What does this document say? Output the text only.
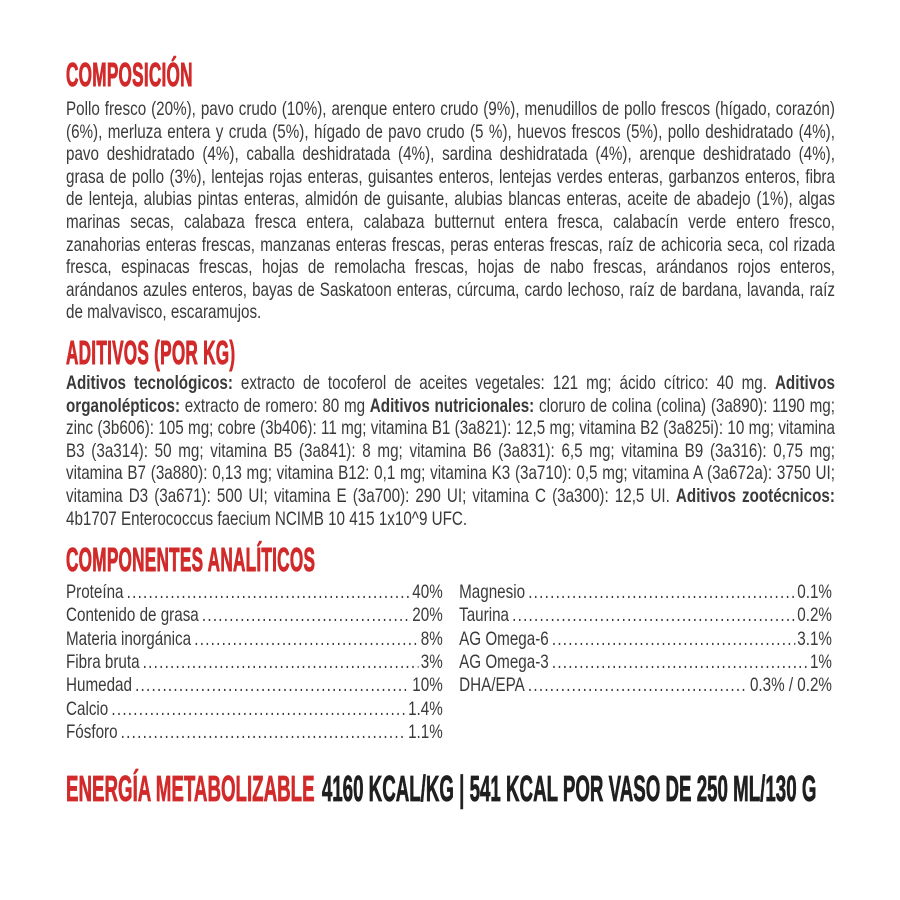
COMPOSICIÓN

Pollo fresco (20%), pavo crudo (10%), arenque entero crudo (9%), menudillos de pollo frescos (hígado, corazón) (6%), merluza entera y cruda (5%), hígado de pavo crudo (5 %), huevos frescos (5%), pollo deshidratado (4%), pavo deshidratado (4%), caballa deshidratada (4%), sardina deshidratada (4%), arenque deshidratado (4%), grasa de pollo (3%), lentejas rojas enteras, guisantes enteros, lentejas verdes enteras, garbanzos enteros, fibra de lenteja, alubias pintas enteras, almidón de guisante, alubias blancas enteras, aceite de abadejo (1%), algas marinas secas, calabaza fresca entera, calabaza butternut entera fresca, calabacín verde entero fresco, zanahorias enteras frescas, manzanas enteras frescas, peras enteras frescas, raíz de achicoria seca, col rizada fresca, espinacas frescas, hojas de remolacha frescas, hojas de nabo frescas, arándanos rojos enteros, arándanos azules enteros, bayas de Saskatoon enteras, cúrcuma, cardo lechoso, raíz de bardana, lavanda, raíz de malvavisco, escaramujos.

ADITIVOS (POR KG)

Aditivos tecnológicos: extracto de tocoferol de aceites vegetales: 121 mg; ácido cítrico: 40 mg. Aditivos organolépticos: extracto de romero: 80 mg Aditivos nutricionales: cloruro de colina (colina) (3a890): 1190 mg; zinc (3b606): 105 mg; cobre (3b406): 11 mg; vitamina B1 (3a821): 12,5 mg; vitamina B2 (3a825i): 10 mg; vitamina B3 (3a314): 50 mg; vitamina B5 (3a841): 8 mg; vitamina B6 (3a831): 6,5 mg; vitamina B9 (3a316): 0,75 mg; vitamina B7 (3a880): 0,13 mg; vitamina B12: 0,1 mg; vitamina K3 (3a710): 0,5 mg; vitamina A (3a672a): 3750 UI; vitamina D3 (3a671): 500 UI; vitamina E (3a700): 290 UI; vitamina C (3a300): 12,5 UI. Aditivos zootécnicos: 4b1707 Enterococcus faecium NCIMB 10 415 1x10^9 UFC.

COMPONENTES ANALÍTICOS
Proteína .....	40%
Contenido de grasa .....	20%
Materia inorgánica .....	8%
Fibra bruta .....	3%
Humedad .....	10%
Calcio .....	1.4%
Fósforo .....	1.1%
Magnesio .....	0.1%
Taurina .....	0.2%
AG Omega-6 .....	3.1%
AG Omega-3 .....	1%
DHA/EPA .....	0.3% / 0.2%
ENERGÍA METABOLIZABLE 4160 KCAL/KG | 541 KCAL POR VASO DE 250 ML/130 G
